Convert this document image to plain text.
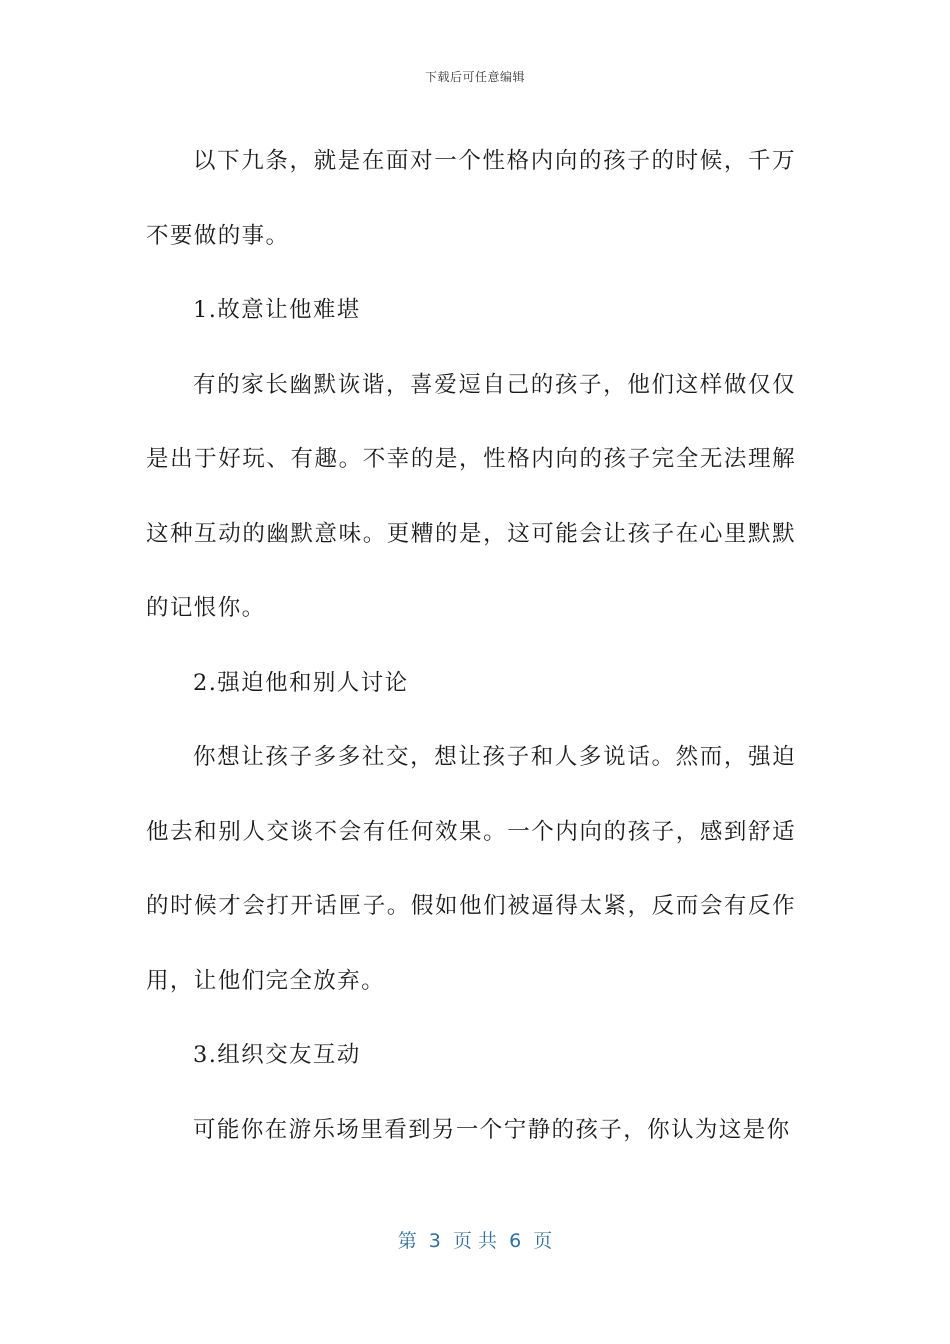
下载后可任意编辑

以下九条，就是在面对一个性格内向的孩子的时候，千万不要做的事。

1.故意让他难堪

有的家长幽默诙谐，喜爱逗自己的孩子，他们这样做仅仅是出于好玩、有趣。不幸的是，性格内向的孩子完全无法理解这种互动的幽默意味。更糟的是，这可能会让孩子在心里默默的记恨你。

2.强迫他和别人讨论

你想让孩子多多社交，想让孩子和人多说话。然而，强迫他去和别人交谈不会有任何效果。一个内向的孩子，感到舒适的时候才会打开话匣子。假如他们被逼得太紧，反而会有反作用，让他们完全放弃。

3.组织交友互动

可能你在游乐场里看到另一个宁静的孩子，你认为这是你

第  3  页 共  6  页
